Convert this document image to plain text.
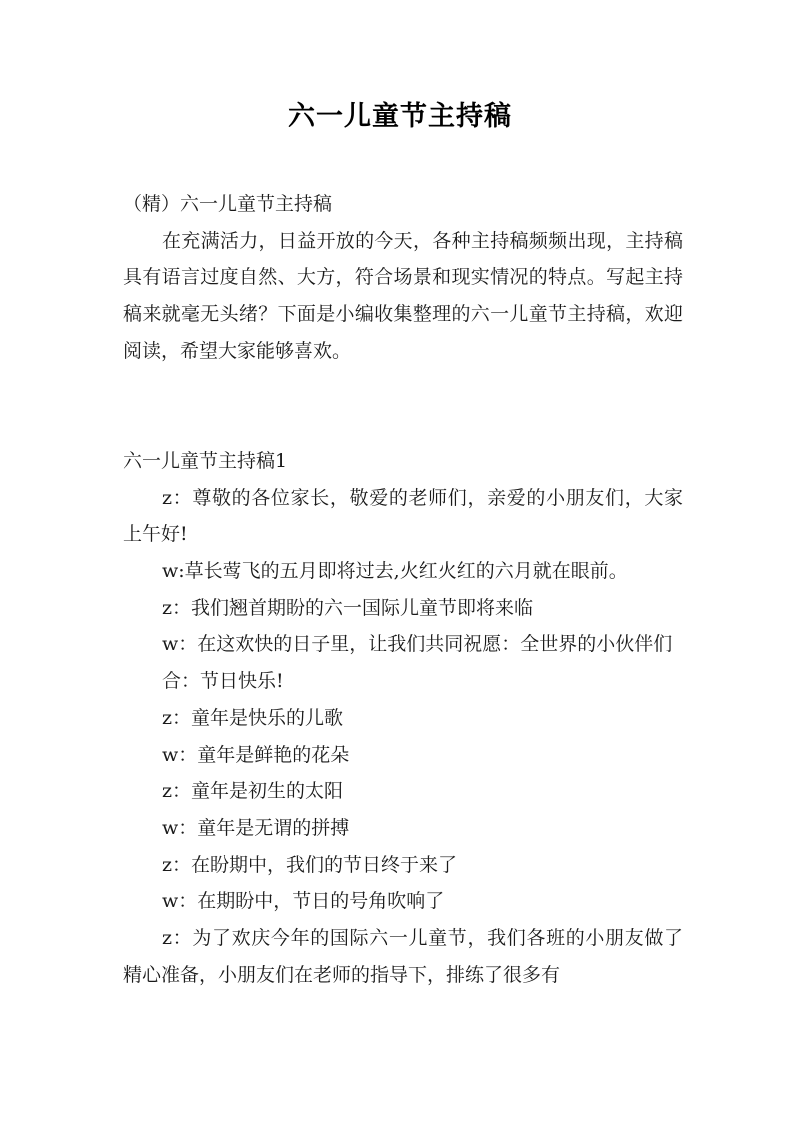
六一儿童节主持稿

（精）六一儿童节主持稿

在充满活力，日益开放的今天，各种主持稿频频出现，主持稿具有语言过度自然、大方，符合场景和现实情况的特点。写起主持稿来就毫无头绪？下面是小编收集整理的六一儿童节主持稿，欢迎阅读，希望大家能够喜欢。

六一儿童节主持稿1

z：尊敬的各位家长，敬爱的老师们，亲爱的小朋友们，大家上午好!

w:草长莺飞的五月即将过去,火红火红的六月就在眼前。

z：我们翘首期盼的六一国际儿童节即将来临

w：在这欢快的日子里，让我们共同祝愿：全世界的小伙伴们

合：节日快乐!

z：童年是快乐的儿歌

w：童年是鲜艳的花朵

z：童年是初生的太阳

w：童年是无谓的拼搏

z：在盼期中，我们的节日终于来了

w：在期盼中，节日的号角吹响了

z：为了欢庆今年的国际六一儿童节，我们各班的小朋友做了精心准备，小朋友们在老师的指导下，排练了很多有
